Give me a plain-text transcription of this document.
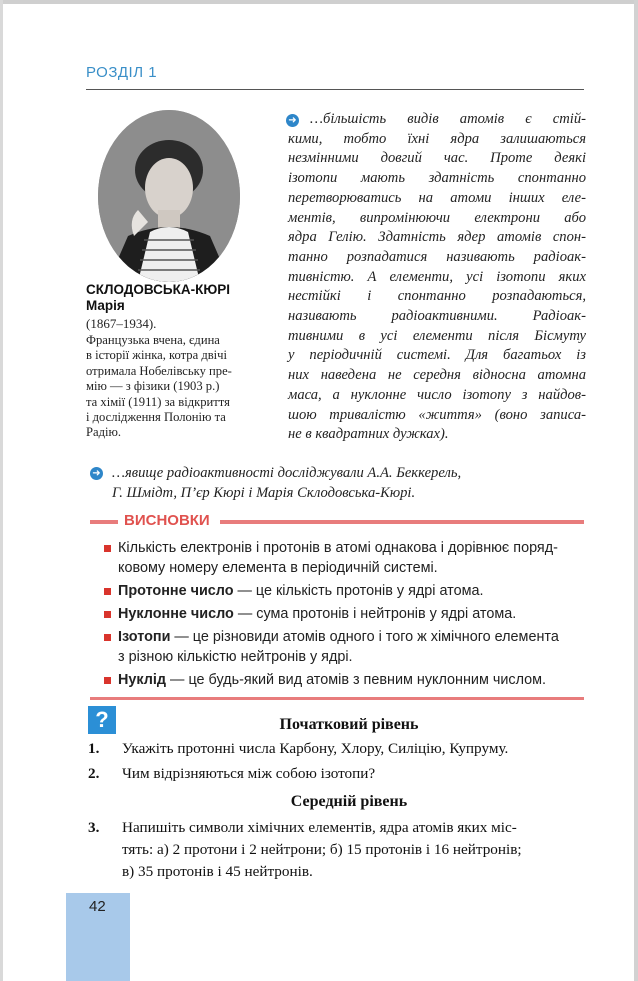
РОЗДІЛ 1
СКЛОДОВСЬКА-КЮРІ
Марія
(1867–1934).
Французька вчена, єдина
в історії жінка, котра двічі
отримала Нобелівську пре-
мію — з фізики (1903 р.)
та хімії (1911) за відкриття
і дослідження Полонію та
Радію.
➜ …більшість видів атомів є стій-
кими, тобто їхні ядра залишаються
незмінними довгий час. Проте деякі
ізотопи мають здатність спонтанно
перетворюватись на атоми інших еле-
ментів, випромінюючи електрони або
ядра Гелію. Здатність ядер атомів спон-
танно розпадатися називають радіоак-
тивністю. А елементи, усі ізотопи яких
нестійкі і спонтанно розпадаються,
називають радіоактивними. Радіоак-
тивними в усі елементи після Бісмуту
у періодичній системі. Для багатьох із
них наведена не середня відносна атомна
маса, а нуклонне число ізотопу з найдов-
шою тривалістю «життя» (воно записа-
не в квадратних дужках).
➜ …явище радіоактивності досліджували А.А. Беккерель,
Г. Шмідт, П’єр Кюрі і Марія Склодовська-Кюрі.
ВИСНОВКИ
Кількість електронів і протонів в атомі однакова і дорівнює поряд-
ковому номеру елемента в періодичній системі.
Протонне число — це кількість протонів у ядрі атома.
Нуклонне число — сума протонів і нейтронів у ядрі атома.
Ізотопи — це різновиди атомів одного і того ж хімічного елемента
з різною кількістю нейтронів у ядрі.
Нуклід — це будь-який вид атомів з певним нуклонним числом.
?	Початковий рівень
1. Укажіть протонні числа Карбону, Хлору, Силіцію, Купруму.
2. Чим відрізняються між собою ізотопи?
Середній рівень
3. Напишіть символи хімічних елементів, ядра атомів яких міс-
тять: а) 2 протони і 2 нейтрони; б) 15 протонів і 16 нейтронів;
в) 35 протонів і 45 нейтронів.
42
